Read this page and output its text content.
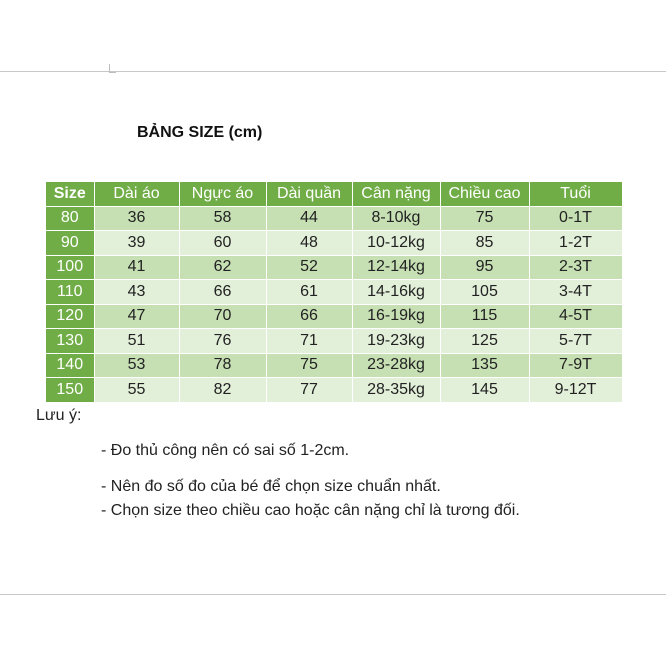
BẢNG SIZE (cm)
Size	Dài áo	Ngực áo	Dài quần	Cân nặng	Chiều cao	Tuổi
80	36	58	44	8-10kg	75	0-1T
90	39	60	48	10-12kg	85	1-2T
100	41	62	52	12-14kg	95	2-3T
110	43	66	61	14-16kg	105	3-4T
120	47	70	66	16-19kg	115	4-5T
130	51	76	71	19-23kg	125	5-7T
140	53	78	75	23-28kg	135	7-9T
150	55	82	77	28-35kg	145	9-12T
Lưu ý:
- Đo thủ công nên có sai số 1-2cm.
- Nên đo số đo của bé để chọn size chuẩn nhất.
- Chọn size theo chiều cao hoặc cân nặng chỉ là tương đối.
